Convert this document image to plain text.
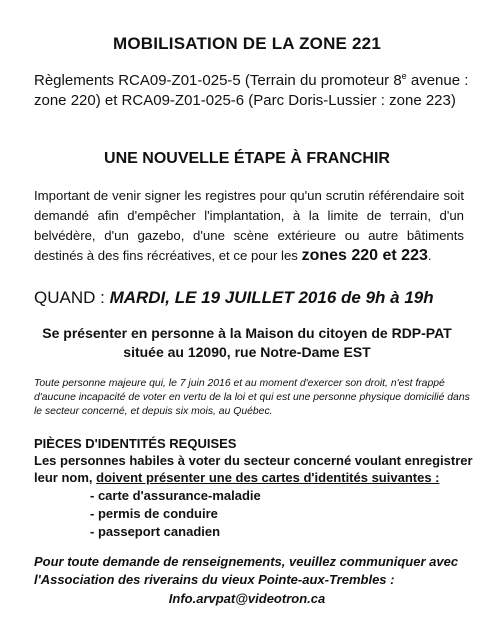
MOBILISATION DE LA ZONE 221
Règlements RCA09-Z01-025-5 (Terrain du promoteur 8e avenue :
zone 220) et RCA09-Z01-025-6 (Parc Doris-Lussier : zone 223)
UNE NOUVELLE ÉTAPE À FRANCHIR
Important de venir signer les registres pour qu'un scrutin référendaire soit demandé afin d'empêcher l'implantation, à la limite de terrain, d'un belvédère, d'un gazebo, d'une scène extérieure ou autre bâtiments destinés à des fins récréatives, et ce pour les zones 220 et 223.
QUAND : MARDI, LE 19 JUILLET 2016 de 9h à 19h
Se présenter en personne à la Maison du citoyen de RDP-PAT
située au 12090, rue Notre-Dame EST
Toute personne majeure qui, le 7 juin 2016 et au moment d'exercer son droit, n'est frappé d'aucune incapacité de voter en vertu de la loi et qui est une personne physique domicilié dans le secteur concerné, et depuis six mois, au Québec.
PIÈCES D'IDENTITÉS REQUISES
Les personnes habiles à voter du secteur concerné voulant enregistrer leur nom, doivent présenter une des cartes d'identités suivantes :
- carte d'assurance-maladie
- permis de conduire
- passeport canadien
Pour toute demande de renseignements, veuillez communiquer avec l'Association des riverains du vieux Pointe-aux-Trembles :
Info.arvpat@videotron.ca
